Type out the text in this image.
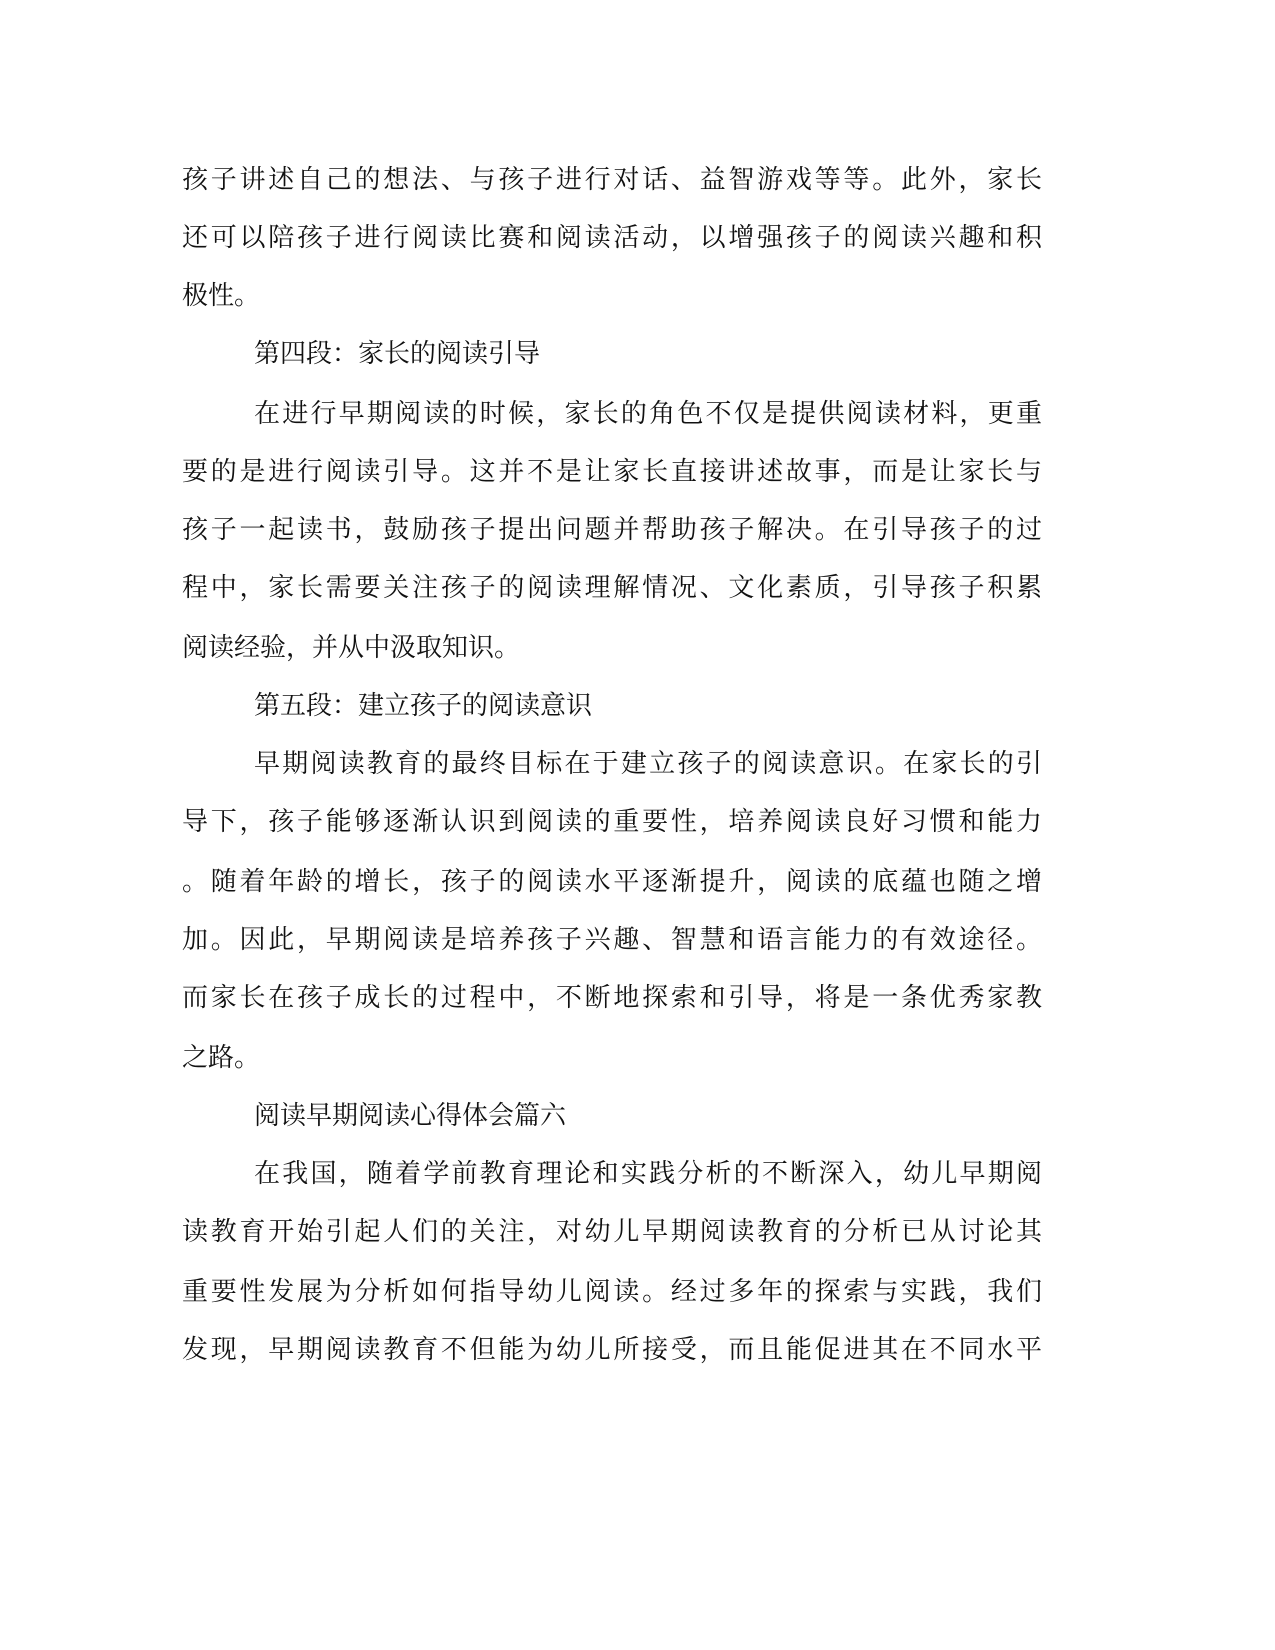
孩子讲述自己的想法、与孩子进行对话、益智游戏等等。此外，家长
还可以陪孩子进行阅读比赛和阅读活动，以增强孩子的阅读兴趣和积
极性。
第四段：家长的阅读引导
在进行早期阅读的时候，家长的角色不仅是提供阅读材料，更重
要的是进行阅读引导。这并不是让家长直接讲述故事，而是让家长与
孩子一起读书，鼓励孩子提出问题并帮助孩子解决。在引导孩子的过
程中，家长需要关注孩子的阅读理解情况、文化素质，引导孩子积累
阅读经验，并从中汲取知识。
第五段：建立孩子的阅读意识
早期阅读教育的最终目标在于建立孩子的阅读意识。在家长的引
导下，孩子能够逐渐认识到阅读的重要性，培养阅读良好习惯和能力
。随着年龄的增长，孩子的阅读水平逐渐提升，阅读的底蕴也随之增
加。因此，早期阅读是培养孩子兴趣、智慧和语言能力的有效途径。
而家长在孩子成长的过程中，不断地探索和引导，将是一条优秀家教
之路。
阅读早期阅读心得体会篇六
在我国，随着学前教育理论和实践分析的不断深入，幼儿早期阅
读教育开始引起人们的关注，对幼儿早期阅读教育的分析已从讨论其
重要性发展为分析如何指导幼儿阅读。经过多年的探索与实践，我们
发现，早期阅读教育不但能为幼儿所接受，而且能促进其在不同水平
